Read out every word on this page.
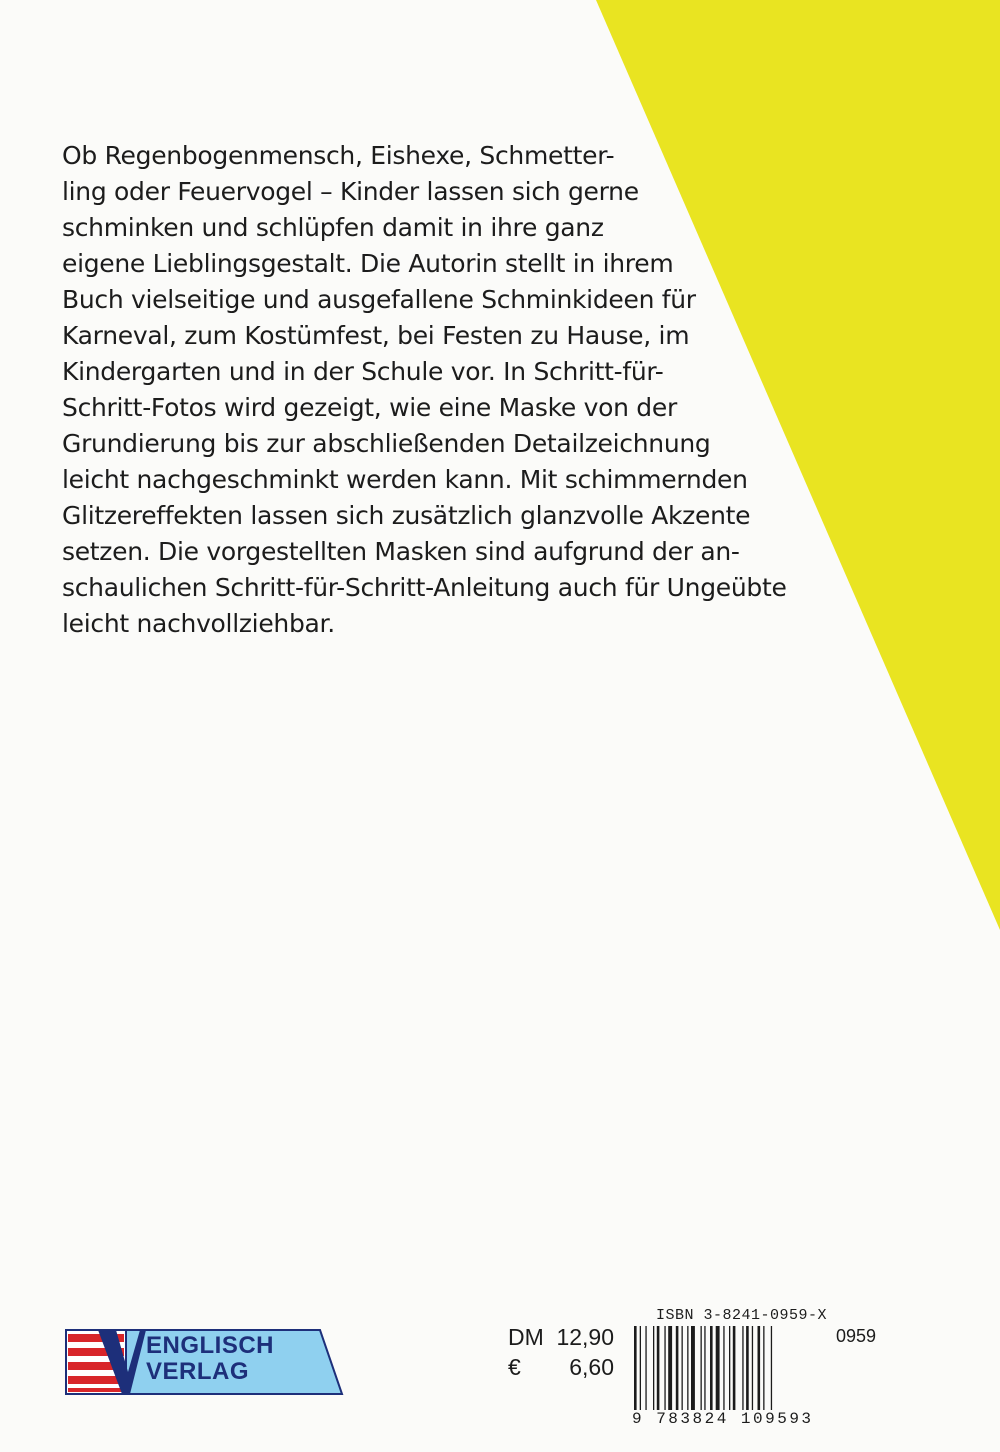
Ob Regenbogenmensch, Eishexe, Schmetter-
ling oder Feuervogel – Kinder lassen sich gerne
schminken und schlüpfen damit in ihre ganz
eigene Lieblingsgestalt. Die Autorin stellt in ihrem
Buch vielseitige und ausgefallene Schminkideen für
Karneval, zum Kostümfest, bei Festen zu Hause, im
Kindergarten und in der Schule vor. In Schritt-für-
Schritt-Fotos wird gezeigt, wie eine Maske von der
Grundierung bis zur abschließenden Detailzeichnung
leicht nachgeschminkt werden kann. Mit schimmernden
Glitzereffekten lassen sich zusätzlich glanzvolle Akzente
setzen. Die vorgestellten Masken sind aufgrund der an-
schaulichen Schritt-für-Schritt-Anleitung auch für Ungeübte
leicht nachvollziehbar.

ENGLISCH
VERLAG
DM 12,90
€ 6,60
ISBN 3-8241-0959-X
9 783824 109593
0959
